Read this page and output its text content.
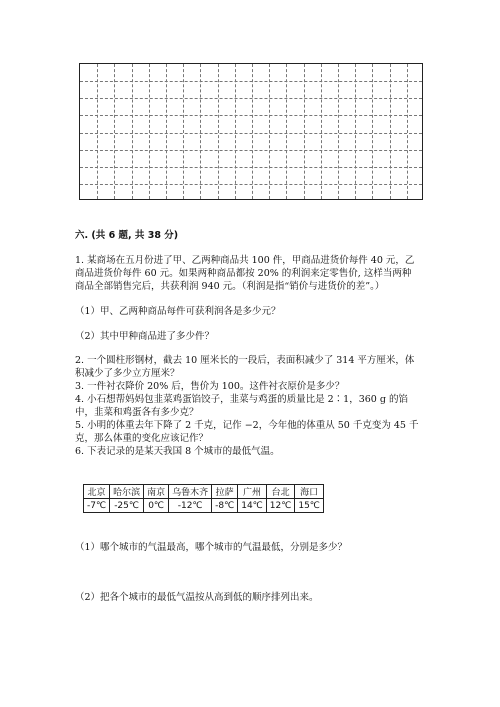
六. (共 6 题, 共 38 分)
1. 某商场在五月份进了甲、乙两种商品共 100 件，甲商品进货价每件 40 元，乙
商品进货价每件 60 元。如果两种商品都按 20% 的利润来定零售价, 这样当两种
商品全部销售完后，共获利润 940 元。（利润是指“销价与进货价的差”。）
（1）甲、乙两种商品每件可获利润各是多少元？
（2）其中甲种商品进了多少件？
2. 一个圆柱形钢材，截去 10 厘米长的一段后，表面积减少了 314 平方厘米，体
积减少了多少立方厘米？
3. 一件衬衣降价 20% 后，售价为 100。这件衬衣原价是多少？
4. 小石想帮妈妈包韭菜鸡蛋馅饺子，韭菜与鸡蛋的质量比是 2∶1，360 g 的馅
中，韭菜和鸡蛋各有多少克？
5. 小明的体重去年下降了 2 千克，记作 −2，今年他的体重从 50 千克变为 45 千
克，那么体重的变化应该记作？
6. 下表记录的是某天我国 8 个城市的最低气温。
北京	哈尔滨	南京	乌鲁木齐	拉萨	广州	台北	海口
-7℃	-25℃	0℃	-12℃	-8℃	14℃	12℃	15℃
（1）哪个城市的气温最高，哪个城市的气温最低，分别是多少？
（2）把各个城市的最低气温按从高到低的顺序排列出来。
